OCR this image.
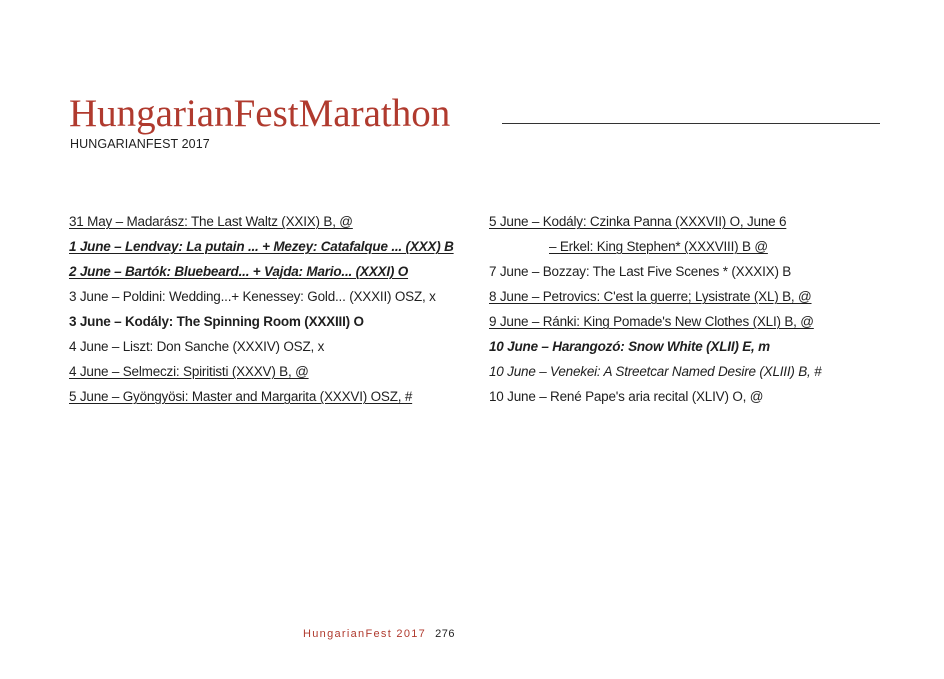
HungarianFestMarathon
HUNGARIANFEST 2017
31 May – Madarász: The Last Waltz (XXIX) B, @
1 June – Lendvay: La putain ... + Mezey: Catafalque ... (XXX) B
2 June – Bartók: Bluebeard... + Vajda: Mario... (XXXI) O
3 June – Poldini: Wedding...+ Kenessey: Gold... (XXXII) OSZ, x
3 June – Kodály: The Spinning Room (XXXIII) O
4 June – Liszt: Don Sanche (XXXIV) OSZ, x
4 June – Selmeczi: Spiritisti (XXXV) B, @
5 June – Gyöngyösi: Master and Margarita (XXXVI) OSZ, #
5 June – Kodály: Czinka Panna (XXXVII) O, June 6
– Erkel: King Stephen* (XXXVIII) B @
7 June – Bozzay: The Last Five Scenes * (XXXIX) B
8 June – Petrovics: C'est la guerre; Lysistrate (XL) B, @
9 June – Ránki: King Pomade's New Clothes (XLI) B, @
10 June – Harangozó: Snow White (XLII) E, m
10 June – Venekei: A Streetcar Named Desire (XLIII) B, #
10 June – René Pape's aria recital (XLIV) O, @
HungarianFest 2017 276
